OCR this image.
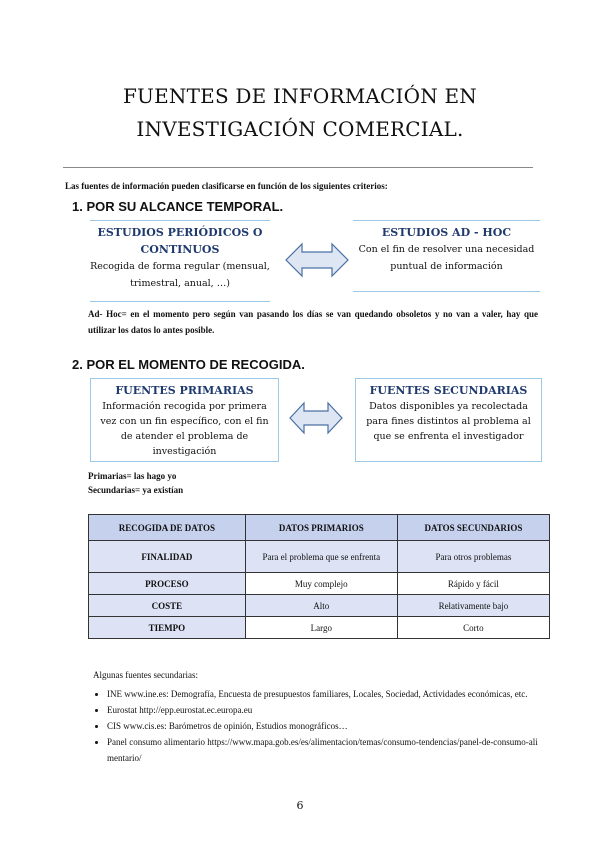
FUENTES DE INFORMACIÓN EN INVESTIGACIÓN COMERCIAL.
Las fuentes de información pueden clasificarse en función de los siguientes criterios:
1. POR SU ALCANCE TEMPORAL.
ESTUDIOS PERIÓDICOS O CONTINUOS
Recogida de forma regular (mensual, trimestral, anual, …)
ESTUDIOS AD - HOC
Con el fin de resolver una necesidad puntual de información
Ad- Hoc= en el momento pero según van pasando los días se van quedando obsoletos y no van a valer, hay que utilizar los datos lo antes posible.
2. POR EL MOMENTO DE RECOGIDA.
FUENTES PRIMARIAS
Información recogida por primera vez con un fin específico, con el fin de atender el problema de investigación
FUENTES SECUNDARIAS
Datos disponibles ya recolectada para fines distintos al problema al que se enfrenta el investigador
Primarias= las hago yo
Secundarias= ya existían
RECOGIDA DE DATOS	DATOS PRIMARIOS	DATOS SECUNDARIOS
FINALIDAD	Para el problema que se enfrenta	Para otros problemas
PROCESO	Muy complejo	Rápido y fácil
COSTE	Alto	Relativamente bajo
TIEMPO	Largo	Corto
Algunas fuentes secundarias:
• INE www.ine.es: Demografía, Encuesta de presupuestos familiares, Locales, Sociedad, Actividades económicas, etc.
• Eurostat http://epp.eurostat.ec.europa.eu
• CIS www.cis.es: Barómetros de opinión, Estudios monográficos…
• Panel consumo alimentario https://www.mapa.gob.es/es/alimentacion/temas/consumo-tendencias/panel-de-consumo-alimentario/
6
